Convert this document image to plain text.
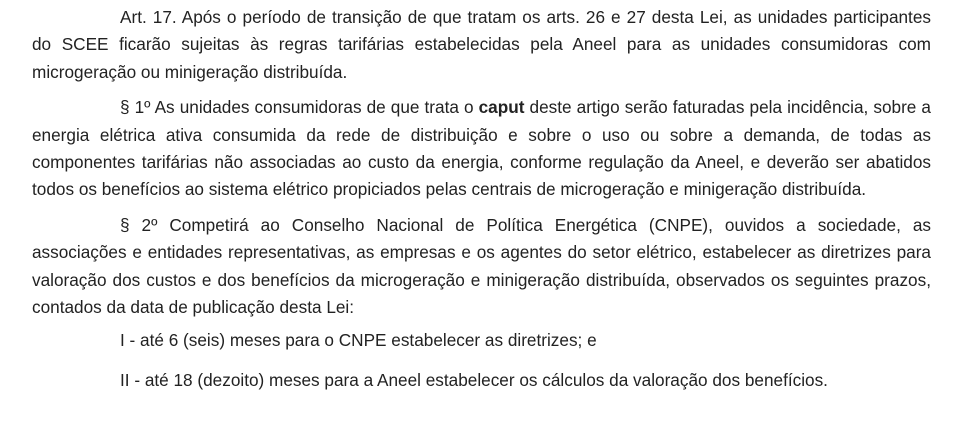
Art. 17. Após o período de transição de que tratam os arts. 26 e 27 desta Lei, as unidades participantes do SCEE ficarão sujeitas às regras tarifárias estabelecidas pela Aneel para as unidades consumidoras com microgeração ou minigeração distribuída.

§ 1º As unidades consumidoras de que trata o caput deste artigo serão faturadas pela incidência, sobre a energia elétrica ativa consumida da rede de distribuição e sobre o uso ou sobre a demanda, de todas as componentes tarifárias não associadas ao custo da energia, conforme regulação da Aneel, e deverão ser abatidos todos os benefícios ao sistema elétrico propiciados pelas centrais de microgeração e minigeração distribuída.

§ 2º Competirá ao Conselho Nacional de Política Energética (CNPE), ouvidos a sociedade, as associações e entidades representativas, as empresas e os agentes do setor elétrico, estabelecer as diretrizes para valoração dos custos e dos benefícios da microgeração e minigeração distribuída, observados os seguintes prazos, contados da data de publicação desta Lei:

I - até 6 (seis) meses para o CNPE estabelecer as diretrizes; e

II - até 18 (dezoito) meses para a Aneel estabelecer os cálculos da valoração dos benefícios.
